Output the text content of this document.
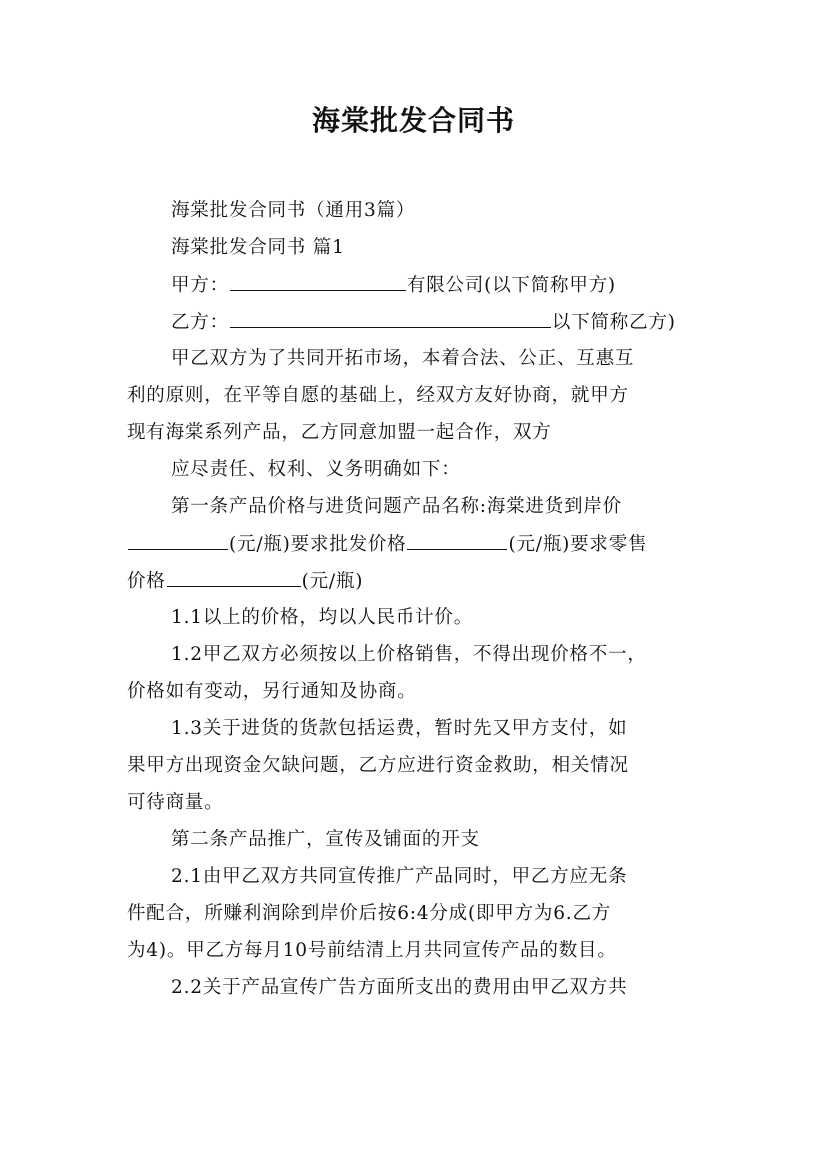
海棠批发合同书
海棠批发合同书（通用3篇）
海棠批发合同书 篇1
甲方：	有限公司(以下简称甲方)
乙方：	以下简称乙方)
甲乙双方为了共同开拓市场，本着合法、公正、互惠互
利的原则，在平等自愿的基础上，经双方友好协商，就甲方
现有海棠系列产品，乙方同意加盟一起合作，双方
应尽责任、权利、义务明确如下：
第一条产品价格与进货问题产品名称:海棠进货到岸价
(元/瓶)要求批发价格	(元/瓶)要求零售
价格	(元/瓶)
1.1以上的价格，均以人民币计价。
1.2甲乙双方必须按以上价格销售，不得出现价格不一，
价格如有变动，另行通知及协商。
1.3关于进货的货款包括运费，暂时先又甲方支付，如
果甲方出现资金欠缺问题，乙方应进行资金救助，相关情况
可待商量。
第二条产品推广，宣传及铺面的开支
2.1由甲乙双方共同宣传推广产品同时，甲乙方应无条
件配合，所赚利润除到岸价后按6:4分成(即甲方为6.乙方
为4)。甲乙方每月10号前结清上月共同宣传产品的数目。
2.2关于产品宣传广告方面所支出的费用由甲乙双方共
